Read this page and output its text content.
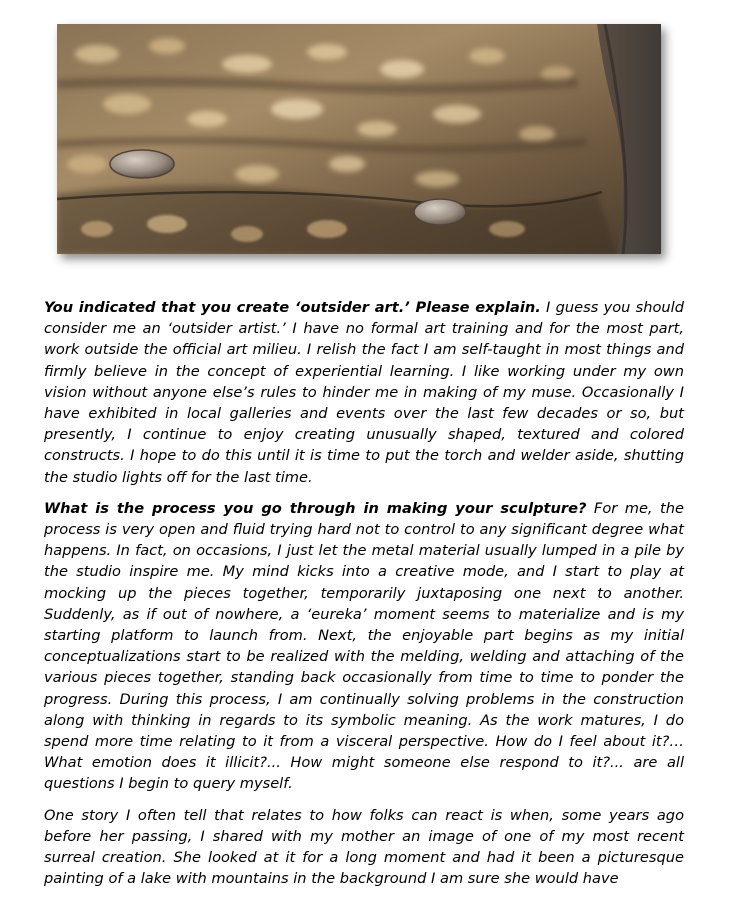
You indicated that you create ‘outsider art.’ Please explain. I guess you should consider me an ‘outsider artist.’ I have no formal art training and for the most part, work outside the official art milieu. I relish the fact I am self-taught in most things and firmly believe in the concept of experiential learning. I like working under my own vision without anyone else’s rules to hinder me in making of my muse. Occasionally I have exhibited in local galleries and events over the last few decades or so, but presently, I continue to enjoy creating unusually shaped, textured and colored constructs. I hope to do this until it is time to put the torch and welder aside, shutting the studio lights off for the last time.

What is the process you go through in making your sculpture? For me, the process is very open and fluid trying hard not to control to any significant degree what happens. In fact, on occasions, I just let the metal material usually lumped in a pile by the studio inspire me. My mind kicks into a creative mode, and I start to play at mocking up the pieces together, temporarily juxtaposing one next to another. Suddenly, as if out of nowhere, a ‘eureka’ moment seems to materialize and is my starting platform to launch from. Next, the enjoyable part begins as my initial conceptualizations start to be realized with the melding, welding and attaching of the various pieces together, standing back occasionally from time to time to ponder the progress. During this process, I am continually solving problems in the construction along with thinking in regards to its symbolic meaning. As the work matures, I do spend more time relating to it from a visceral perspective. How do I feel about it?… What emotion does it illicit?... How might someone else respond to it?... are all questions I begin to query myself.

One story I often tell that relates to how folks can react is when, some years ago before her passing, I shared with my mother an image of one of my most recent surreal creation. She looked at it for a long moment and had it been a picturesque painting of a lake with mountains in the background I am sure she would have
